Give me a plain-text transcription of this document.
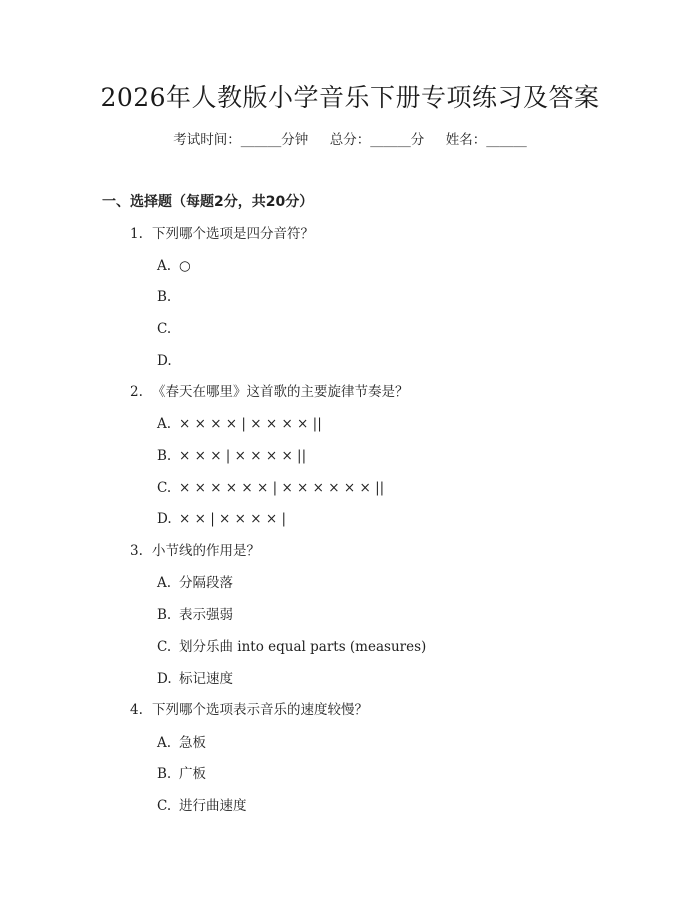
2026年人教版小学音乐下册专项练习及答案
考试时间：______分钟     总分：______分     姓名：______
一、选择题（每题2分，共20分）
1. 下列哪个选项是四分音符？
A. ○
B.
C.
D.
2. 《春天在哪里》这首歌的主要旋律节奏是？
A. × × × × | × × × × ||
B. × × × | × × × × ||
C. × × × × × × | × × × × × × ||
D. × × | × × × × |
3. 小节线的作用是？
A. 分隔段落
B. 表示强弱
C. 划分乐曲 into equal parts (measures)
D. 标记速度
4. 下列哪个选项表示音乐的速度较慢？
A. 急板
B. 广板
C. 进行曲速度
